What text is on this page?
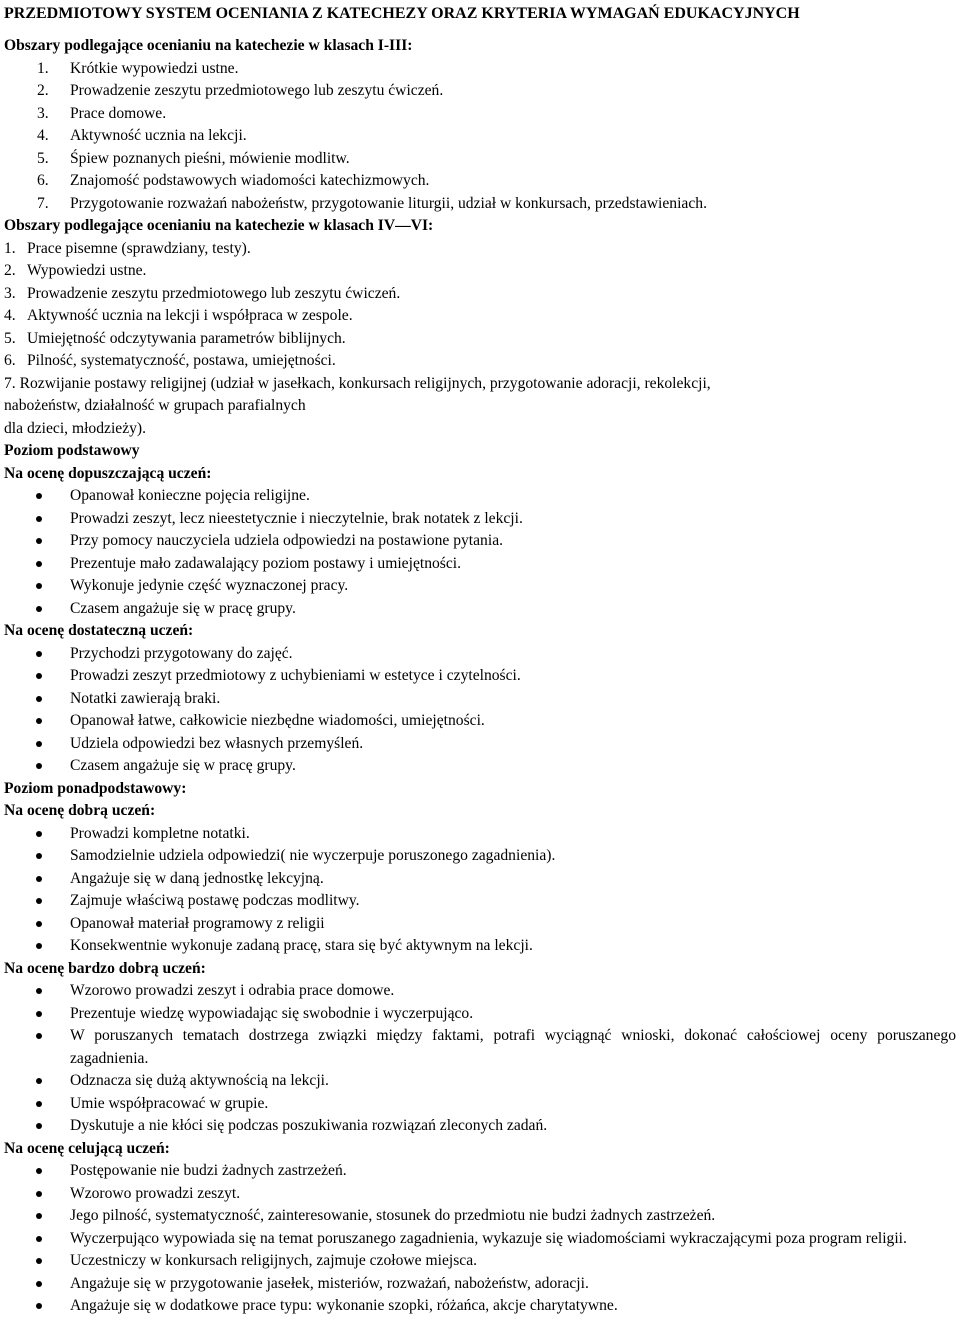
PRZEDMIOTOWY SYSTEM OCENIANIA Z KATECHEZY ORAZ KRYTERIA WYMAGAŃ EDUKACYJNYCH

Obszary podlegające ocenianiu na katechezie w klasach I-III:

1.	Krótkie wypowiedzi ustne.
2.	Prowadzenie zeszytu przedmiotowego lub zeszytu ćwiczeń.
3.	Prace domowe.
4.	Aktywność ucznia na lekcji.
5.	Śpiew poznanych pieśni, mówienie modlitw.
6.	Znajomość podstawowych wiadomości katechizmowych.
7.	Przygotowanie rozważań nabożeństw, przygotowanie liturgii, udział w konkursach, przedstawieniach.

Obszary podlegające ocenianiu na katechezie w klasach IV—VI:

1. Prace pisemne (sprawdziany, testy).
2. Wypowiedzi ustne.
3. Prowadzenie zeszytu przedmiotowego lub zeszytu ćwiczeń.
4. Aktywność ucznia na lekcji i współpraca w zespole.
5. Umiejętność odczytywania parametrów biblijnych.
6. Pilność, systematyczność, postawa, umiejętności.
7. Rozwijanie postawy religijnej (udział w jasełkach, konkursach religijnych, przygotowanie adoracji, rekolekcji,
nabożeństw, działalność w grupach parafialnych
dla dzieci, młodzieży).

Poziom podstawowy

Na ocenę dopuszczającą uczeń:

Opanował konieczne pojęcia religijne.
Prowadzi zeszyt, lecz nieestetycznie i nieczytelnie, brak notatek z lekcji.
Przy pomocy nauczyciela udziela odpowiedzi na postawione pytania.
Prezentuje mało zadawalający poziom postawy i umiejętności.
Wykonuje jedynie część wyznaczonej pracy.
Czasem angażuje się w pracę grupy.

Na ocenę dostateczną uczeń:

Przychodzi przygotowany do zajęć.
Prowadzi zeszyt przedmiotowy z uchybieniami w estetyce i czytelności.
Notatki zawierają braki.
Opanował łatwe, całkowicie niezbędne wiadomości, umiejętności.
Udziela odpowiedzi bez własnych przemyśleń.
Czasem angażuje się w pracę grupy.

Poziom ponadpodstawowy:

Na ocenę dobrą uczeń:

Prowadzi kompletne notatki.
Samodzielnie udziela odpowiedzi( nie wyczerpuje poruszonego zagadnienia).
Angażuje się w daną jednostkę lekcyjną.
Zajmuje właściwą postawę podczas modlitwy.
Opanował materiał programowy z religii
Konsekwentnie wykonuje zadaną pracę, stara się być aktywnym na lekcji.

Na ocenę bardzo dobrą uczeń:

Wzorowo prowadzi zeszyt i odrabia prace domowe.
Prezentuje wiedzę wypowiadając się swobodnie i wyczerpująco.
W poruszanych tematach dostrzega związki między faktami, potrafi wyciągnąć wnioski, dokonać całościowej oceny poruszanego zagadnienia.
Odznacza się dużą aktywnością na lekcji.
Umie współpracować w grupie.
Dyskutuje a nie kłóci się podczas poszukiwania rozwiązań zleconych zadań.

Na ocenę celującą uczeń:

Postępowanie nie budzi żadnych zastrzeżeń.
Wzorowo prowadzi zeszyt.
Jego pilność, systematyczność, zainteresowanie, stosunek do przedmiotu nie budzi żadnych zastrzeżeń.
Wyczerpująco wypowiada się na temat poruszanego zagadnienia, wykazuje się wiadomościami wykraczającymi poza program religii.
Uczestniczy w konkursach religijnych, zajmuje czołowe miejsca.
Angażuje się w przygotowanie jasełek, misteriów, rozważań, nabożeństw, adoracji.
Angażuje się w dodatkowe prace typu: wykonanie szopki, różańca, akcje charytatywne.
